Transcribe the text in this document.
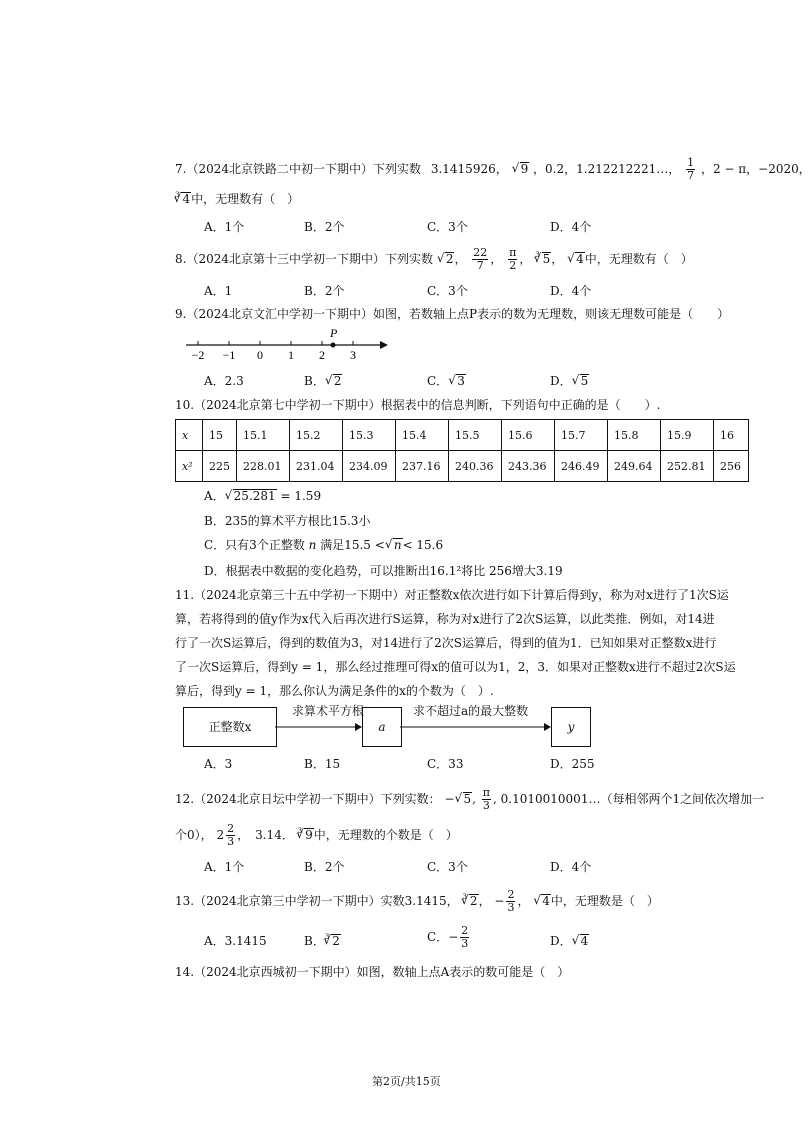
7.（2024北京铁路二中初一下期中）下列实数 3.1415926， √ 9 ，0.2，1.212212221…， $\frac{1}{7}$ ，2 − π，−2020，
$^3$ √ 4中，无理数有（　）
A．1个	B．2个	C．3个	D．4个
8.（2024北京第十三中学初一下期中）下列实数 √ 2， $\frac{22}{7}$ ， $\frac{\pi}{2}$ ， $^3$ √ 5， √ 4中，无理数有（　）
A．1	B．2个	C．3个	D．4个
9.（2024北京文汇中学初一下期中）如图，若数轴上点P表示的数为无理数，则该无理数可能是（　　）
P
−2 −1 0 1 2 3
A．2.3	B． √ 2	C． √ 3	D． √ 5
10.（2024北京第七中学初一下期中）根据表中的信息判断，下列语句中正确的是（　　）.
x	15	15.1	15.2	15.3	15.4	15.5	15.6	15.7	15.8	15.9	16
x²	225	228.01	231.04	234.09	237.16	240.36	243.36	246.49	249.64	252.81	256
A． √ 25.281 = 1.59
B．235的算术平方根比15.3小
C．只有3个正整数 n 满足15.5 < √ n< 15.6
D．根据表中数据的变化趋势，可以推断出16.1²将比 256增大3.19
11.（2024北京第三十五中学初一下期中）对正整数x依次进行如下计算后得到y，称为对x进行了1次S运
算，若将得到的值y作为x代入后再次进行S运算，称为对x进行了2次S运算，以此类推．例如，对14进
行了一次S运算后，得到的数值为3，对14进行了2次S运算后，得到的值为1．已知如果对正整数x进行
了一次S运算后，得到y = 1，那么经过推理可得x的值可以为1，2，3．如果对正整数x进行不超过2次S运
算后，得到y = 1，那么你认为满足条件的x的个数为（　）.
正整数x	a	y
求算术平方根	求不超过a的最大整数
A．3	B．15	C．33	D．255
12.（2024北京日坛中学初一下期中）下列实数： − √ 5, $\frac{\pi}{3}$ , 0.1010010001…（每相邻两个1之间依次增加一
个0）， $2 \frac{2}{3}$ ，　3.14． $^3$ √ 9中，无理数的个数是（　）
A．1个	B．2个	C．3个	D．4个
13.（2024北京第三中学初一下期中）实数3.1415， $^3$ √ 2， − $\frac{2}{3}$ ， √ 4中，无理数是（　）
A．3.1415	B．$^3$ √ 2	C．− $\frac{2}{3}$	D． √ 4
14.（2024北京西城初一下期中）如图，数轴上点A表示的数可能是（　）
第2页/共15页
